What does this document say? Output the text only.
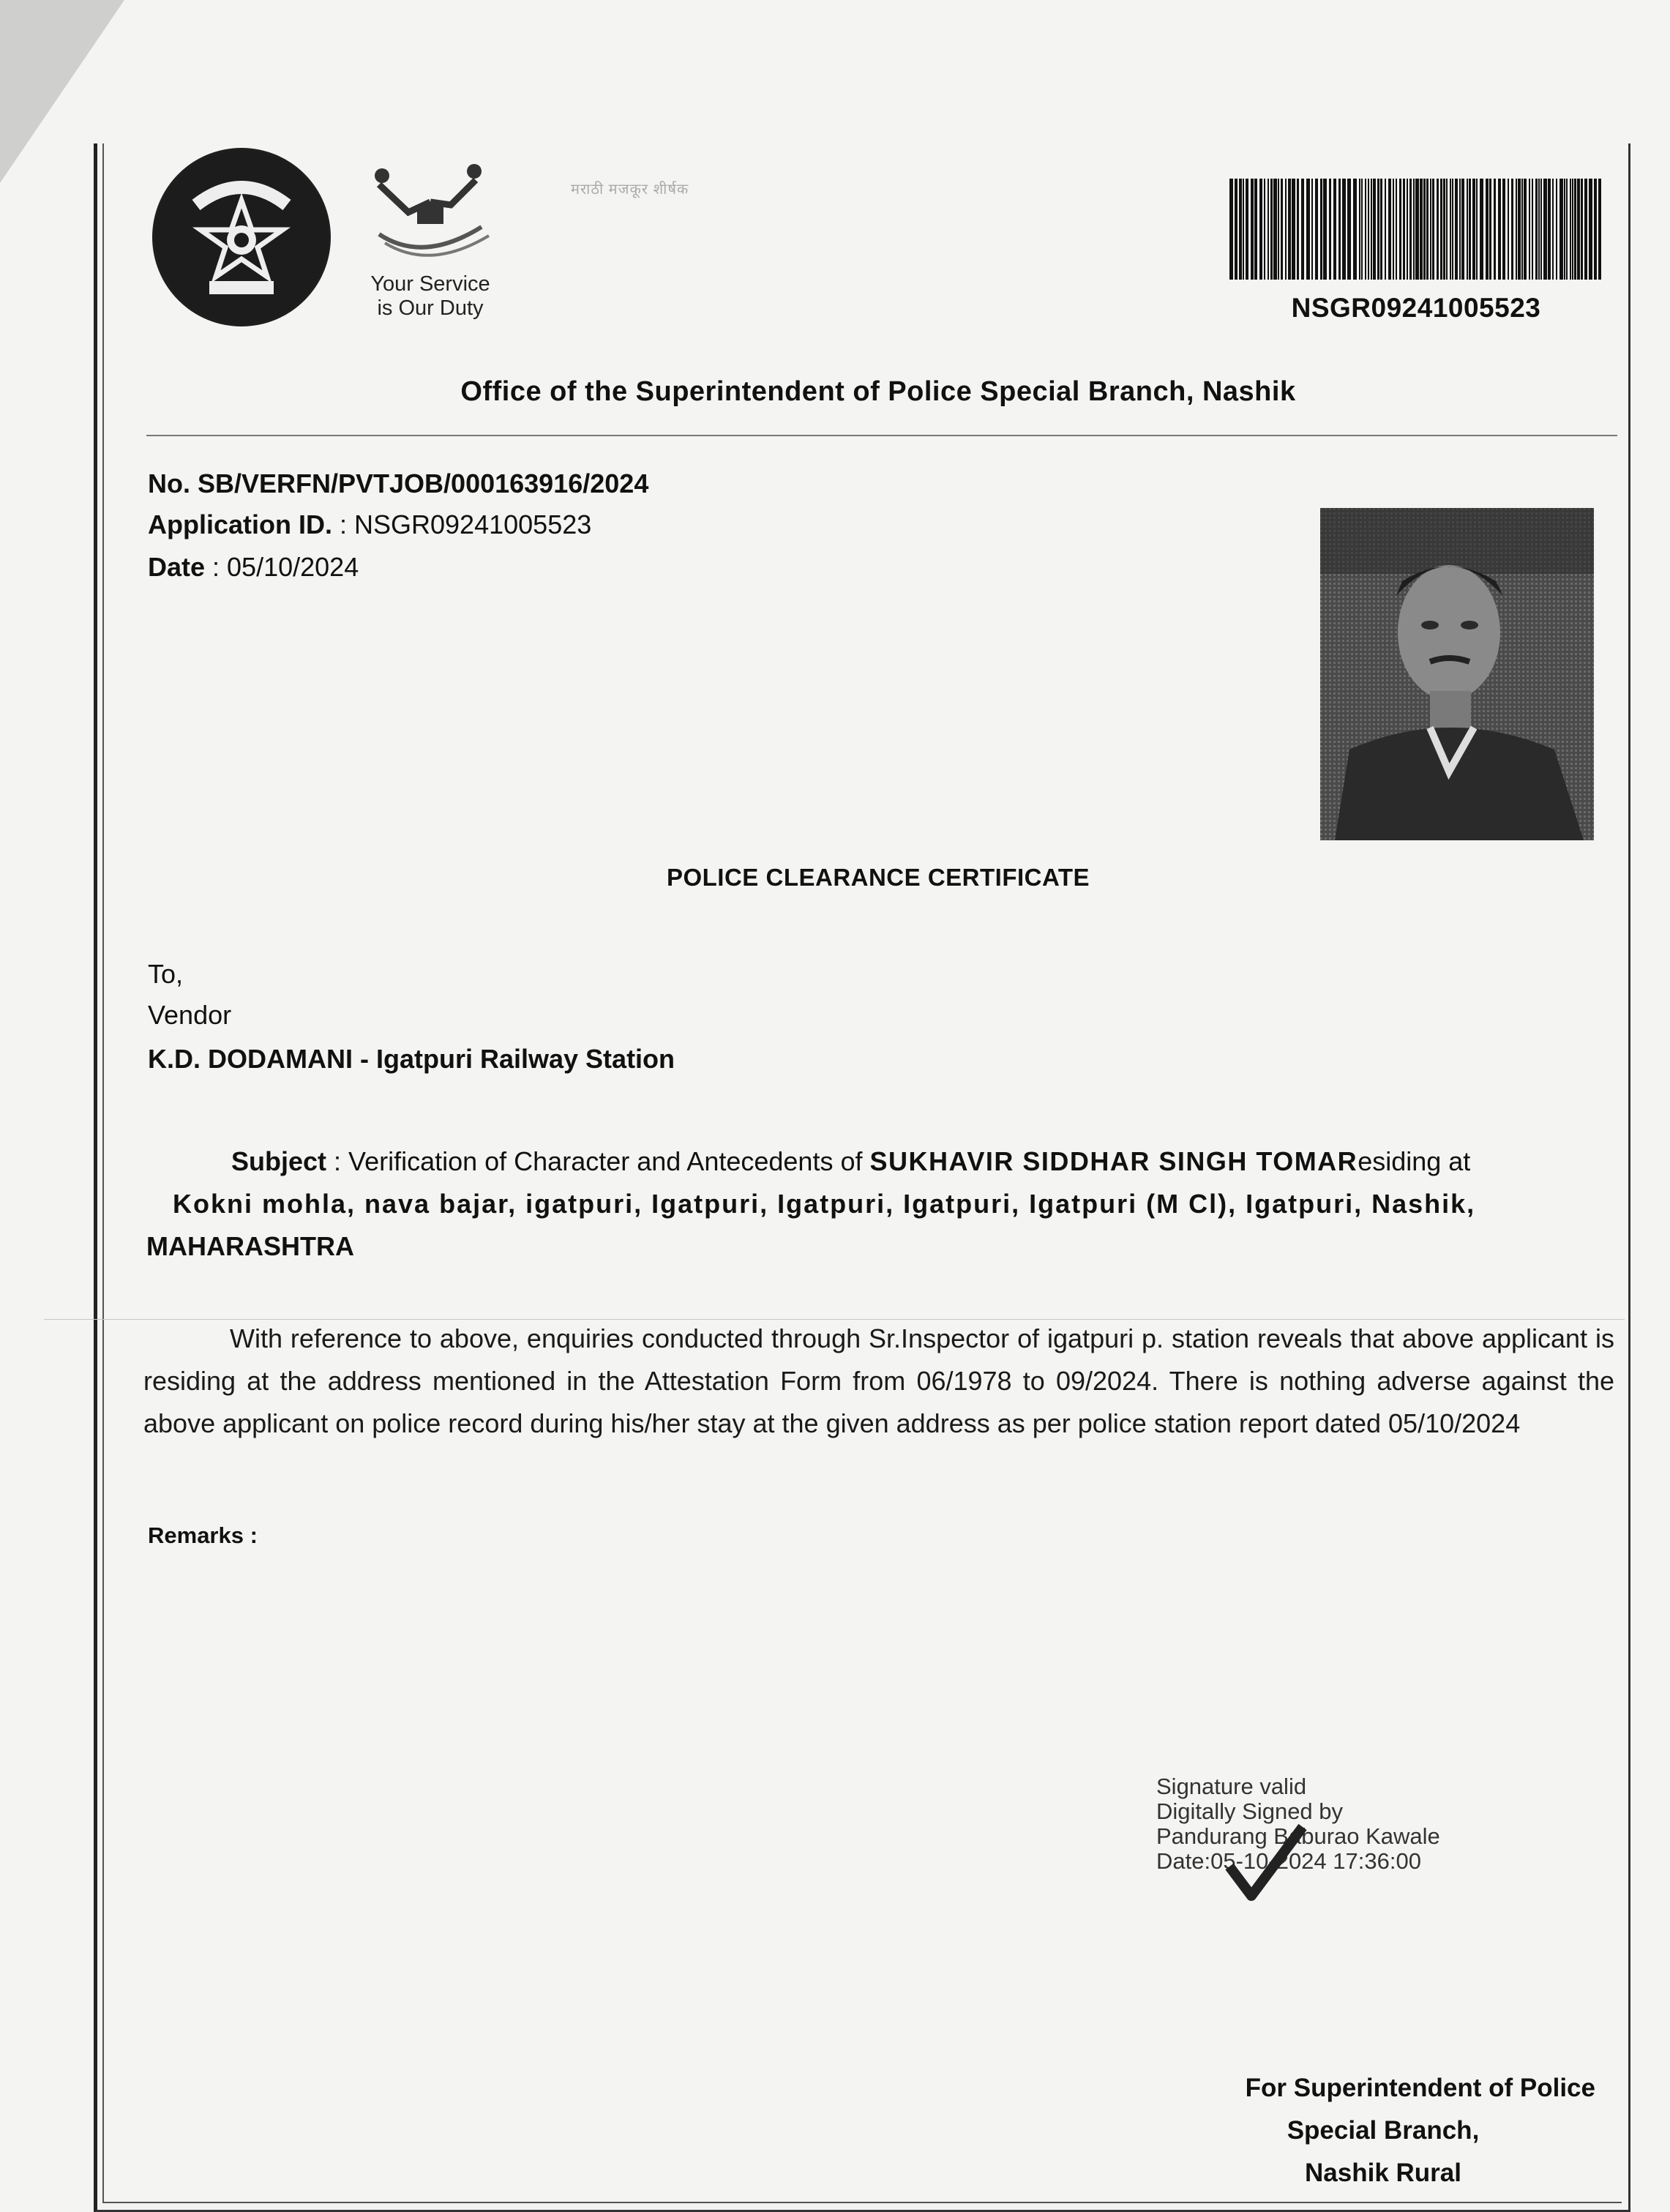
Your Service
is Our Duty
मराठी मजकूर शीर्षक
NSGR09241005523
Office of the Superintendent of Police Special Branch, Nashik
No. SB/VERFN/PVTJOB/000163916/2024
Application ID. : NSGR09241005523
Date : 05/10/2024
POLICE CLEARANCE CERTIFICATE
To,
Vendor
K.D. DODAMANI - Igatpuri Railway Station
Subject : Verification of Character and Antecedents of SUKHAVIR SIDDHAR SINGH TOMAResiding at
Kokni mohla, nava bajar, igatpuri, Igatpuri, Igatpuri, Igatpuri, Igatpuri (M Cl), Igatpuri, Nashik,
MAHARASHTRA
With reference to above, enquiries conducted through Sr.Inspector of igatpuri p. station reveals that above applicant is residing at the address mentioned in the Attestation Form from 06/1978 to 09/2024. There is nothing adverse against the above applicant on police record during his/her stay at the given address as per police station report dated 05/10/2024
Remarks :
Signature valid
Digitally Signed by
Pandurang Baburao Kawale
Date:05-10-2024 17:36:00
For Superintendent of Police
Special Branch,
Nashik Rural
